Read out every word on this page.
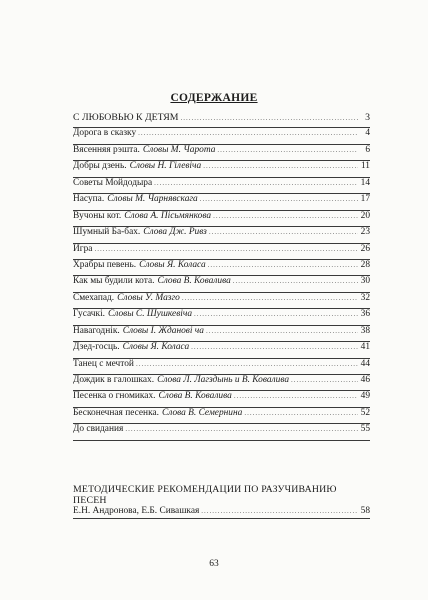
СОДЕРЖАНИЕ
С ЛЮБОВЬЮ К ДЕТЯМ .....	3
Дорога в сказку .....	4
Вясенняя рэшта. Словы М. Чарота .....	6
Добры дзень. Словы Н. Гілевіча .....	11
Советы Мойдодыра .....	14
Насупа. Словы М. Чарнявскага .....	17
Вучоны кот. Слова А. Пісьмянкова .....	20
Шумный Ба-бах. Слова Дж. Ривз .....	23
Игра .....	26
Храбры певень. Словы Я. Коласа .....	28
Как мы будили кота. Слова В. Ковалива .....	30
Смехапад. Словы У. Мазго .....	32
Гусачкі. Словы С. Шушкевіча .....	36
Навагоднік. Словы І. Жданові ча .....	38
Дзед-госць. Словы Я. Коласа .....	41
Танец с мечтой .....	44
Дождик в галошках. Слова Л. Лагздынь и В. Ковалива .....	46
Песенка о гномиках. Слова В. Ковалива .....	49
Бесконечная песенка. Слова В. Семернина .....	52
До свидания .....	55
МЕТОДИЧЕСКИЕ РЕКОМЕНДАЦИИ ПО РАЗУЧИВАНИЮ ПЕСЕН
Е.Н. Андронова, Е.Б. Сивашкая .....	58
63
